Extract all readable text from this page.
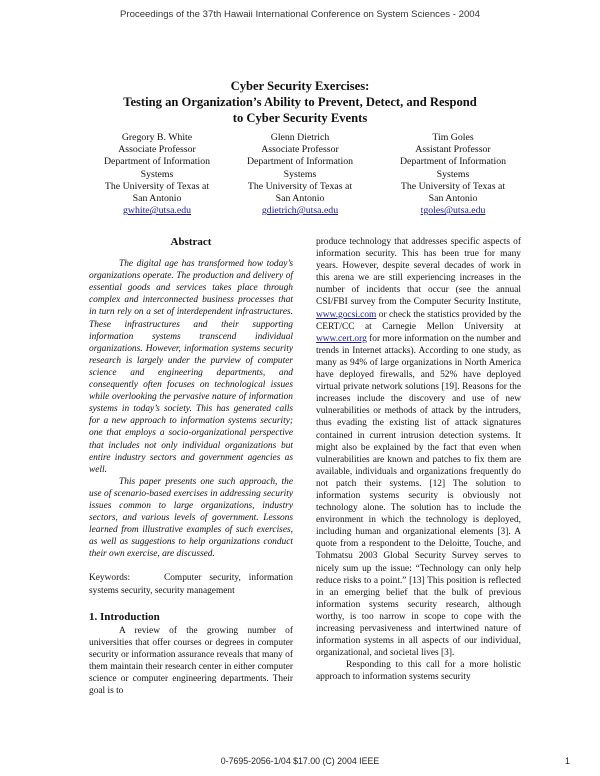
Proceedings of the 37th Hawaii International Conference on System Sciences - 2004
Cyber Security Exercises:
Testing an Organization’s Ability to Prevent, Detect, and Respond
to Cyber Security Events
Gregory B. White
Associate Professor
Department of Information
Systems
The University of Texas at
San Antonio
gwhite@utsa.edu
Glenn Dietrich
Associate Professor
Department of Information
Systems
The University of Texas at
San Antonio
gdietrich@utsa.edu
Tim Goles
Assistant Professor
Department of Information
Systems
The University of Texas at
San Antonio
tgoles@utsa.edu
Abstract

The digital age has transformed how today’s organizations operate. The production and delivery of essential goods and services takes place through complex and interconnected business processes that in turn rely on a set of interdependent infrastructures. These infrastructures and their supporting information systems transcend individual organizations. However, information systems security research is largely under the purview of computer science and engineering departments, and consequently often focuses on technological issues while overlooking the pervasive nature of information systems in today’s society. This has generated calls for a new approach to information systems security; one that employs a socio-organizational perspective that includes not only individual organizations but entire industry sectors and government agencies as well.

This paper presents one such approach, the use of scenario-based exercises in addressing security issues common to large organizations, industry sectors, and various levels of government. Lessons learned from illustrative examples of such exercises, as well as suggestions to help organizations conduct their own exercise, are discussed.

Keywords:	Computer security, information systems security, security management
1. Introduction

A review of the growing number of universities that offer courses or degrees in computer security or information assurance reveals that many of them maintain their research center in either computer science or computer engineering departments. Their goal is to

produce technology that addresses specific aspects of information security. This has been true for many years. However, despite several decades of work in this arena we are still experiencing increases in the number of incidents that occur (see the annual CSI/FBI survey from the Computer Security Institute, www.gocsi.com or check the statistics provided by the CERT/CC at Carnegie Mellon University at www.cert.org for more information on the number and trends in Internet attacks). According to one study, as many as 94% of large organizations in North America have deployed firewalls, and 52% have deployed virtual private network solutions [19]. Reasons for the increases include the discovery and use of new vulnerabilities or methods of attack by the intruders, thus evading the existing list of attack signatures contained in current intrusion detection systems. It might also be explained by the fact that even when vulnerabilities are known and patches to fix them are available, individuals and organizations frequently do not patch their systems. [12] The solution to information systems security is obviously not technology alone. The solution has to include the environment in which the technology is deployed, including human and organizational elements [3]. A quote from a respondent to the Deloitte, Touche, and Tohmatsu 2003 Global Security Survey serves to nicely sum up the issue: “Technology can only help reduce risks to a point.” [13] This position is reflected in an emerging belief that the bulk of previous information systems security research, although worthy, is too narrow in scope to cope with the increasing pervasiveness and intertwined nature of information systems in all aspects of our individual, organizational, and societal lives [3].

Responding to this call for a more holistic approach to information systems security

0-7695-2056-1/04 $17.00 (C) 2004 IEEE	1
